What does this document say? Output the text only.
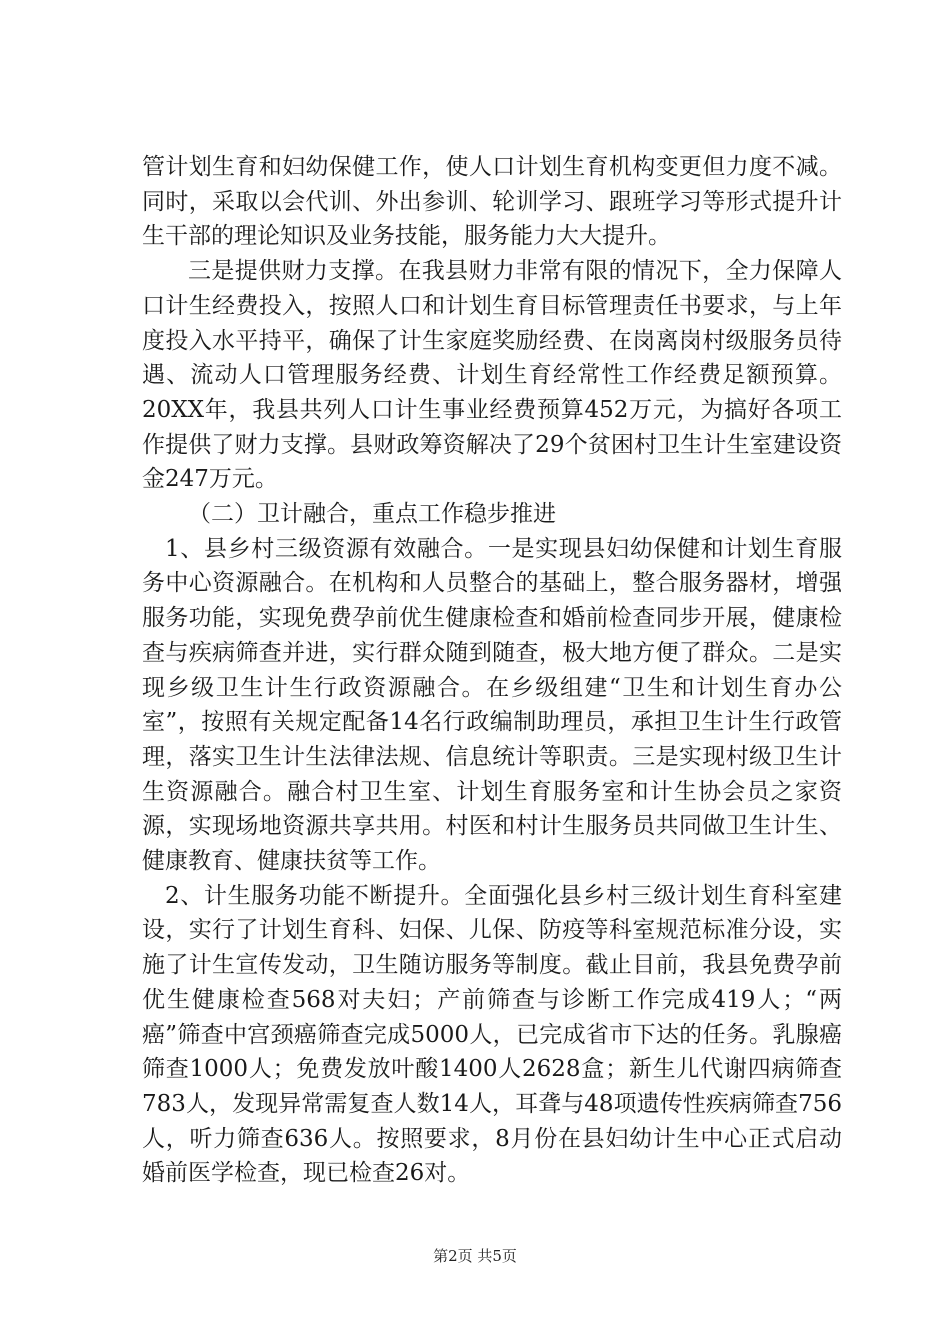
管计划生育和妇幼保健工作，使人口计划生育机构变更但力度不减。同时，采取以会代训、外出参训、轮训学习、跟班学习等形式提升计生干部的理论知识及业务技能，服务能力大大提升。

三是提供财力支撑。在我县财力非常有限的情况下，全力保障人口计生经费投入，按照人口和计划生育目标管理责任书要求，与上年度投入水平持平，确保了计生家庭奖励经费、在岗离岗村级服务员待遇、流动人口管理服务经费、计划生育经常性工作经费足额预算。20XX年，我县共列人口计生事业经费预算452万元，为搞好各项工作提供了财力支撑。县财政筹资解决了29个贫困村卫生计生室建设资金247万元。

（二）卫计融合，重点工作稳步推进

1、县乡村三级资源有效融合。一是实现县妇幼保健和计划生育服务中心资源融合。在机构和人员整合的基础上，整合服务器材，增强服务功能，实现免费孕前优生健康检查和婚前检查同步开展，健康检查与疾病筛查并进，实行群众随到随查，极大地方便了群众。二是实现乡级卫生计生行政资源融合。在乡级组建“卫生和计划生育办公室”，按照有关规定配备14名行政编制助理员，承担卫生计生行政管理，落实卫生计生法律法规、信息统计等职责。三是实现村级卫生计生资源融合。融合村卫生室、计划生育服务室和计生协会员之家资源，实现场地资源共享共用。村医和村计生服务员共同做卫生计生、健康教育、健康扶贫等工作。

2、计生服务功能不断提升。全面强化县乡村三级计划生育科室建设，实行了计划生育科、妇保、儿保、防疫等科室规范标准分设，实施了计生宣传发动，卫生随访服务等制度。截止目前，我县免费孕前优生健康检查568对夫妇；产前筛查与诊断工作完成419人；“两癌”筛查中宫颈癌筛查完成5000人，已完成省市下达的任务。乳腺癌筛查1000人；免费发放叶酸1400人2628盒；新生儿代谢四病筛查783人，发现异常需复查人数14人，耳聋与48项遗传性疾病筛查756人，听力筛查636人。按照要求，8月份在县妇幼计生中心正式启动婚前医学检查，现已检查26对。

第2页 共5页
